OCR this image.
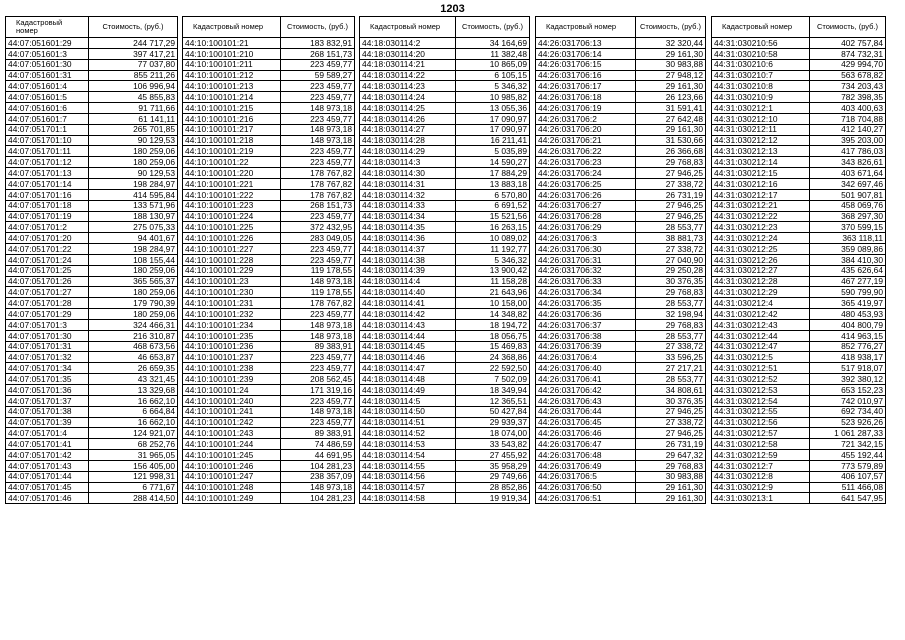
1203
Кадастровый номер	Стоимость, (руб.)
44:07:051601:29	244 717,29
44:07:051601:3	397 417,21
44:07:051601:30	77 037,80
44:07:051601:31	855 211,26
44:07:051601:4	106 996,94
44:07:051601:5	45 855,83
44:07:051601:6	91 711,66
44:07:051601:7	61 141,11
44:07:051701:1	265 701,85
44:07:051701:10	90 129,53
44:07:051701:11	180 259,06
44:07:051701:12	180 259,06
44:07:051701:13	90 129,53
44:07:051701:14	198 284,97
44:07:051701:16	414 595,84
44:07:051701:18	133 571,96
44:07:051701:19	188 130,97
44:07:051701:2	275 075,33
44:07:051701:20	94 401,67
44:07:051701:22	198 284,97
44:07:051701:24	108 155,44
44:07:051701:25	180 259,06
44:07:051701:26	365 565,37
44:07:051701:27	180 259,06
44:07:051701:28	179 790,39
44:07:051701:29	180 259,06
44:07:051701:3	324 466,31
44:07:051701:30	216 310,87
44:07:051701:31	468 673,56
44:07:051701:32	46 653,87
44:07:051701:34	26 659,35
44:07:051701:35	43 321,45
44:07:051701:36	13 329,68
44:07:051701:37	16 662,10
44:07:051701:38	6 664,84
44:07:051701:39	16 662,10
44:07:051701:4	124 921,07
44:07:051701:41	68 252,76
44:07:051701:42	31 965,05
44:07:051701:43	156 405,00
44:07:051701:44	121 998,31
44:07:051701:45	6 771,67
44:07:051701:46	288 414,50
Кадастровый номер	Стоимость, (руб.)
44:10:100101:21	183 832,91
44:10:100101:210	268 151,73
44:10:100101:211	223 459,77
44:10:100101:212	59 589,27
44:10:100101:213	223 459,77
44:10:100101:214	223 459,77
44:10:100101:215	148 973,18
44:10:100101:216	223 459,77
44:10:100101:217	148 973,18
44:10:100101:218	148 973,18
44:10:100101:219	223 459,77
44:10:100101:22	223 459,77
44:10:100101:220	178 767,82
44:10:100101:221	178 767,82
44:10:100101:222	178 767,82
44:10:100101:223	268 151,73
44:10:100101:224	223 459,77
44:10:100101:225	372 432,95
44:10:100101:226	283 049,05
44:10:100101:227	223 459,77
44:10:100101:228	223 459,77
44:10:100101:229	119 178,55
44:10:100101:23	148 973,18
44:10:100101:230	119 178,55
44:10:100101:231	178 767,82
44:10:100101:232	223 459,77
44:10:100101:234	148 973,18
44:10:100101:235	148 973,18
44:10:100101:236	89 383,91
44:10:100101:237	223 459,77
44:10:100101:238	223 459,77
44:10:100101:239	208 562,45
44:10:100101:24	171 319,16
44:10:100101:240	223 459,77
44:10:100101:241	148 973,18
44:10:100101:242	223 459,77
44:10:100101:243	89 383,91
44:10:100101:244	74 486,59
44:10:100101:245	44 691,95
44:10:100101:246	104 281,23
44:10:100101:247	238 357,09
44:10:100101:248	148 973,18
44:10:100101:249	104 281,23
Кадастровый номер	Стоимость, (руб.)
44:18:030114:2	34 164,69
44:18:030114:20	11 382,48
44:18:030114:21	10 865,09
44:18:030114:22	6 105,15
44:18:030114:23	5 346,32
44:18:030114:24	10 985,82
44:18:030114:25	13 055,36
44:18:030114:26	17 090,97
44:18:030114:27	17 090,97
44:18:030114:28	16 211,41
44:18:030114:29	5 035,89
44:18:030114:3	14 590,27
44:18:030114:30	17 884,29
44:18:030114:31	13 883,18
44:18:030114:32	6 570,80
44:18:030114:33	6 691,52
44:18:030114:34	15 521,56
44:18:030114:35	16 263,15
44:18:030114:36	10 089,02
44:18:030114:37	11 192,77
44:18:030114:38	5 346,32
44:18:030114:39	13 900,42
44:18:030114:4	11 158,28
44:18:030114:40	21 643,96
44:18:030114:41	10 158,00
44:18:030114:42	14 348,82
44:18:030114:43	18 194,72
44:18:030114:44	18 056,75
44:18:030114:45	15 469,83
44:18:030114:46	24 368,86
44:18:030114:47	22 592,50
44:18:030114:48	7 502,09
44:18:030114:49	18 349,94
44:18:030114:5	12 365,51
44:18:030114:50	50 427,84
44:18:030114:51	29 939,37
44:18:030114:52	18 074,00
44:18:030114:53	33 543,82
44:18:030114:54	27 455,92
44:18:030114:55	35 958,29
44:18:030114:56	29 749,66
44:18:030114:57	28 852,86
44:18:030114:58	19 919,34
Кадастровый номер	Стоимость, (руб.)
44:26:031706:13	32 320,44
44:26:031706:14	29 161,30
44:26:031706:15	30 983,88
44:26:031706:16	27 948,12
44:26:031706:17	29 161,30
44:26:031706:18	26 123,66
44:26:031706:19	31 591,41
44:26:031706:2	27 642,48
44:26:031706:20	29 161,30
44:26:031706:21	31 530,66
44:26:031706:22	26 366,68
44:26:031706:23	29 768,83
44:26:031706:24	27 946,25
44:26:031706:25	27 338,72
44:26:031706:26	26 731,19
44:26:031706:27	27 946,25
44:26:031706:28	27 946,25
44:26:031706:29	28 553,77
44:26:031706:3	38 881,73
44:26:031706:30	27 338,72
44:26:031706:31	27 040,90
44:26:031706:32	29 250,28
44:26:031706:33	30 376,35
44:26:031706:34	29 768,83
44:26:031706:35	28 553,77
44:26:031706:36	32 198,94
44:26:031706:37	29 768,83
44:26:031706:38	28 553,77
44:26:031706:39	27 338,72
44:26:031706:4	33 596,25
44:26:031706:40	27 217,21
44:26:031706:41	28 553,77
44:26:031706:42	34 808,61
44:26:031706:43	30 376,35
44:26:031706:44	27 946,25
44:26:031706:45	27 338,72
44:26:031706:46	27 946,25
44:26:031706:47	26 731,19
44:26:031706:48	29 647,32
44:26:031706:49	29 768,83
44:26:031706:5	30 983,88
44:26:031706:50	29 161,30
44:26:031706:51	29 161,30
Кадастровый номер	Стоимость, (руб.)
44:31:030210:56	402 757,84
44:31:030210:58	874 732,31
44:31:030210:6	429 994,70
44:31:030210:7	563 678,82
44:31:030210:8	734 203,43
44:31:030210:9	782 398,35
44:31:030212:1	403 400,63
44:31:030212:10	718 704,88
44:31:030212:11	412 140,27
44:31:030212:12	395 203,00
44:31:030212:13	417 786,03
44:31:030212:14	343 826,61
44:31:030212:15	403 671,64
44:31:030212:16	342 697,46
44:31:030212:17	501 907,81
44:31:030212:21	458 069,76
44:31:030212:22	368 297,30
44:31:030212:23	370 599,15
44:31:030212:24	363 118,11
44:31:030212:25	359 089,86
44:31:030212:26	384 410,30
44:31:030212:27	435 626,64
44:31:030212:28	467 277,19
44:31:030212:29	590 799,90
44:31:030212:4	365 419,97
44:31:030212:42	480 453,93
44:31:030212:43	404 800,79
44:31:030212:44	414 963,15
44:31:030212:47	852 776,27
44:31:030212:5	418 938,17
44:31:030212:51	517 918,07
44:31:030212:52	392 380,12
44:31:030212:53	653 152,23
44:31:030212:54	742 010,97
44:31:030212:55	692 734,40
44:31:030212:56	523 926,26
44:31:030212:57	1 061 287,33
44:31:030212:58	721 342,15
44:31:030212:59	455 192,44
44:31:030212:7	773 579,89
44:31:030212:8	406 107,57
44:31:030212:9	511 466,08
44:31:030213:1	641 547,95
